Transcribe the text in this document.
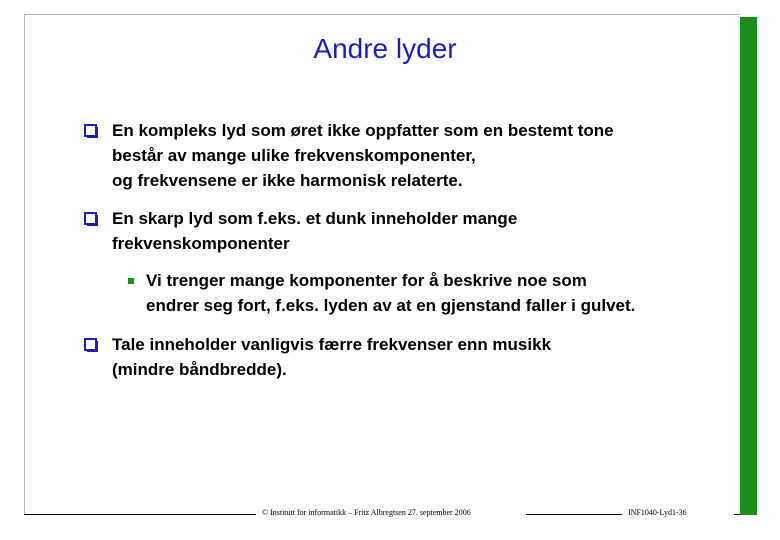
Andre lyder
En kompleks lyd som øret ikke oppfatter som en bestemt tone
består av mange ulike frekvenskomponenter,
og frekvensene er ikke harmonisk relaterte.
En skarp lyd som f.eks. et dunk inneholder mange
frekvenskomponenter
Vi trenger mange komponenter for å beskrive noe som
endrer seg fort, f.eks. lyden av at en gjenstand faller i gulvet.
Tale inneholder vanligvis færre frekvenser enn musikk
(mindre båndbredde).
© Institutt for informatikk – Fritz Albregtsen 27. september 2006	INF1040-Lyd1-36
